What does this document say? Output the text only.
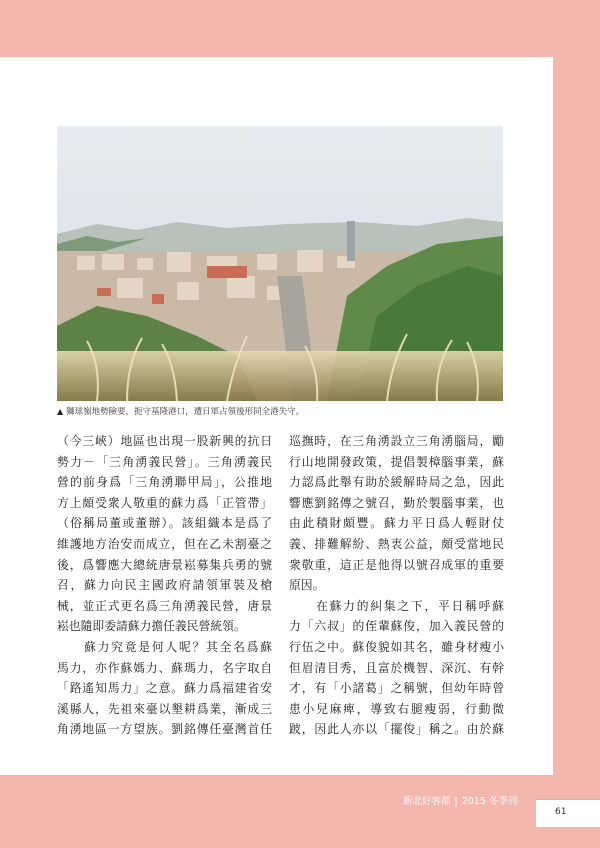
▲ 獅球嶺地勢險要，扼守基隆港口，遭日軍占領後形同全港失守。
（今三峽）地區也出現一股新興的抗日
勢力－「三角湧義民營」。三角湧義民
營的前身爲「三角湧聯甲局」，公推地
方上頗受衆人敬重的蘇力爲「正管帶」
（俗稱局董或董辦）。該組織本是爲了
維護地方治安而成立，但在乙未割臺之
後，爲響應大總統唐景崧募集兵勇的號
召，蘇力向民主國政府請領軍裝及槍
械，並正式更名爲三角湧義民營，唐景
崧也隨即委請蘇力擔任義民營統領。
　　蘇力究竟是何人呢？其全名爲蘇
馬力，亦作蘇媽力、蘇瑪力，名字取自
「路遙知馬力」之意。蘇力爲福建省安
溪縣人，先祖來臺以墾耕爲業，漸成三
角湧地區一方望族。劉銘傳任臺灣首任
巡撫時，在三角湧設立三角湧腦局，勵
行山地開發政策，提倡製樟腦事業，蘇
力認爲此舉有助於緩解時局之急，因此
響應劉銘傳之號召，勤於製腦事業，也
由此積財頗豐。蘇力平日爲人輕財仗
義、排難解紛、熱衷公益，頗受當地民
衆敬重，這正是他得以號召成軍的重要
原因。
　　在蘇力的糾集之下，平日稱呼蘇
力「六叔」的侄輩蘇俊，加入義民營的
行伍之中。蘇俊貌如其名，雖身材瘦小
但眉清目秀，且富於機智、深沉、有幹
才，有「小諸葛」之稱號，但幼年時曾
患小兒麻痺，導致右腿瘦弱，行動微
跛，因此人亦以「擺俊」稱之。由於蘇
新北好客都 | 2015 冬季刊
61
